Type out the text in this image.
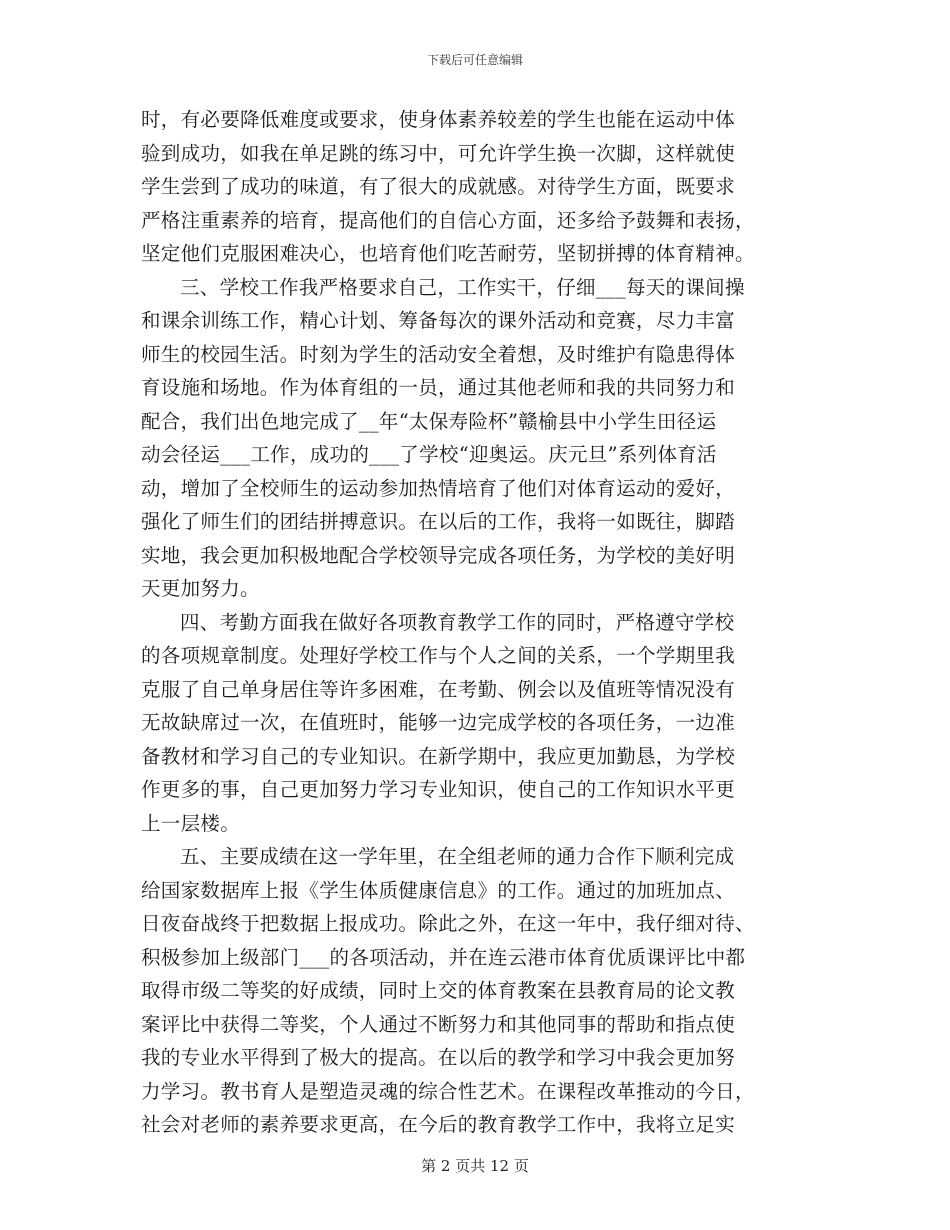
下载后可任意编辑
时，有必要降低难度或要求，使身体素养较差的学生也能在运动中体
验到成功，如我在单足跳的练习中，可允许学生换一次脚，这样就使
学生尝到了成功的味道，有了很大的成就感。对待学生方面，既要求
严格注重素养的培育，提高他们的自信心方面，还多给予鼓舞和表扬，
坚定他们克服困难决心，也培育他们吃苦耐劳，坚韧拼搏的体育精神。
三、学校工作我严格要求自己，工作实干，仔细___每天的课间操
和课余训练工作，精心计划、筹备每次的课外活动和竞赛，尽力丰富
师生的校园生活。时刻为学生的活动安全着想，及时维护有隐患得体
育设施和场地。作为体育组的一员，通过其他老师和我的共同努力和
配合，我们出色地完成了__年“太保寿险杯”赣榆县中小学生田径运
动会径运___工作，成功的___了学校“迎奥运。庆元旦”系列体育活
动，增加了全校师生的运动参加热情培育了他们对体育运动的爱好，
强化了师生们的团结拼搏意识。在以后的工作，我将一如既往，脚踏
实地，我会更加积极地配合学校领导完成各项任务，为学校的美好明
天更加努力。
四、考勤方面我在做好各项教育教学工作的同时，严格遵守学校
的各项规章制度。处理好学校工作与个人之间的关系，一个学期里我
克服了自己单身居住等许多困难，在考勤、例会以及值班等情况没有
无故缺席过一次，在值班时，能够一边完成学校的各项任务，一边准
备教材和学习自己的专业知识。在新学期中，我应更加勤恳，为学校
作更多的事，自己更加努力学习专业知识，使自己的工作知识水平更
上一层楼。
五、主要成绩在这一学年里，在全组老师的通力合作下顺利完成
给国家数据库上报《学生体质健康信息》的工作。通过的加班加点、
日夜奋战终于把数据上报成功。除此之外，在这一年中，我仔细对待、
积极参加上级部门___的各项活动，并在连云港市体育优质课评比中都
取得市级二等奖的好成绩，同时上交的体育教案在县教育局的论文教
案评比中获得二等奖，个人通过不断努力和其他同事的帮助和指点使
我的专业水平得到了极大的提高。在以后的教学和学习中我会更加努
力学习。教书育人是塑造灵魂的综合性艺术。在课程改革推动的今日，
社会对老师的素养要求更高，在今后的教育教学工作中，我将立足实
第 2 页共 12 页
